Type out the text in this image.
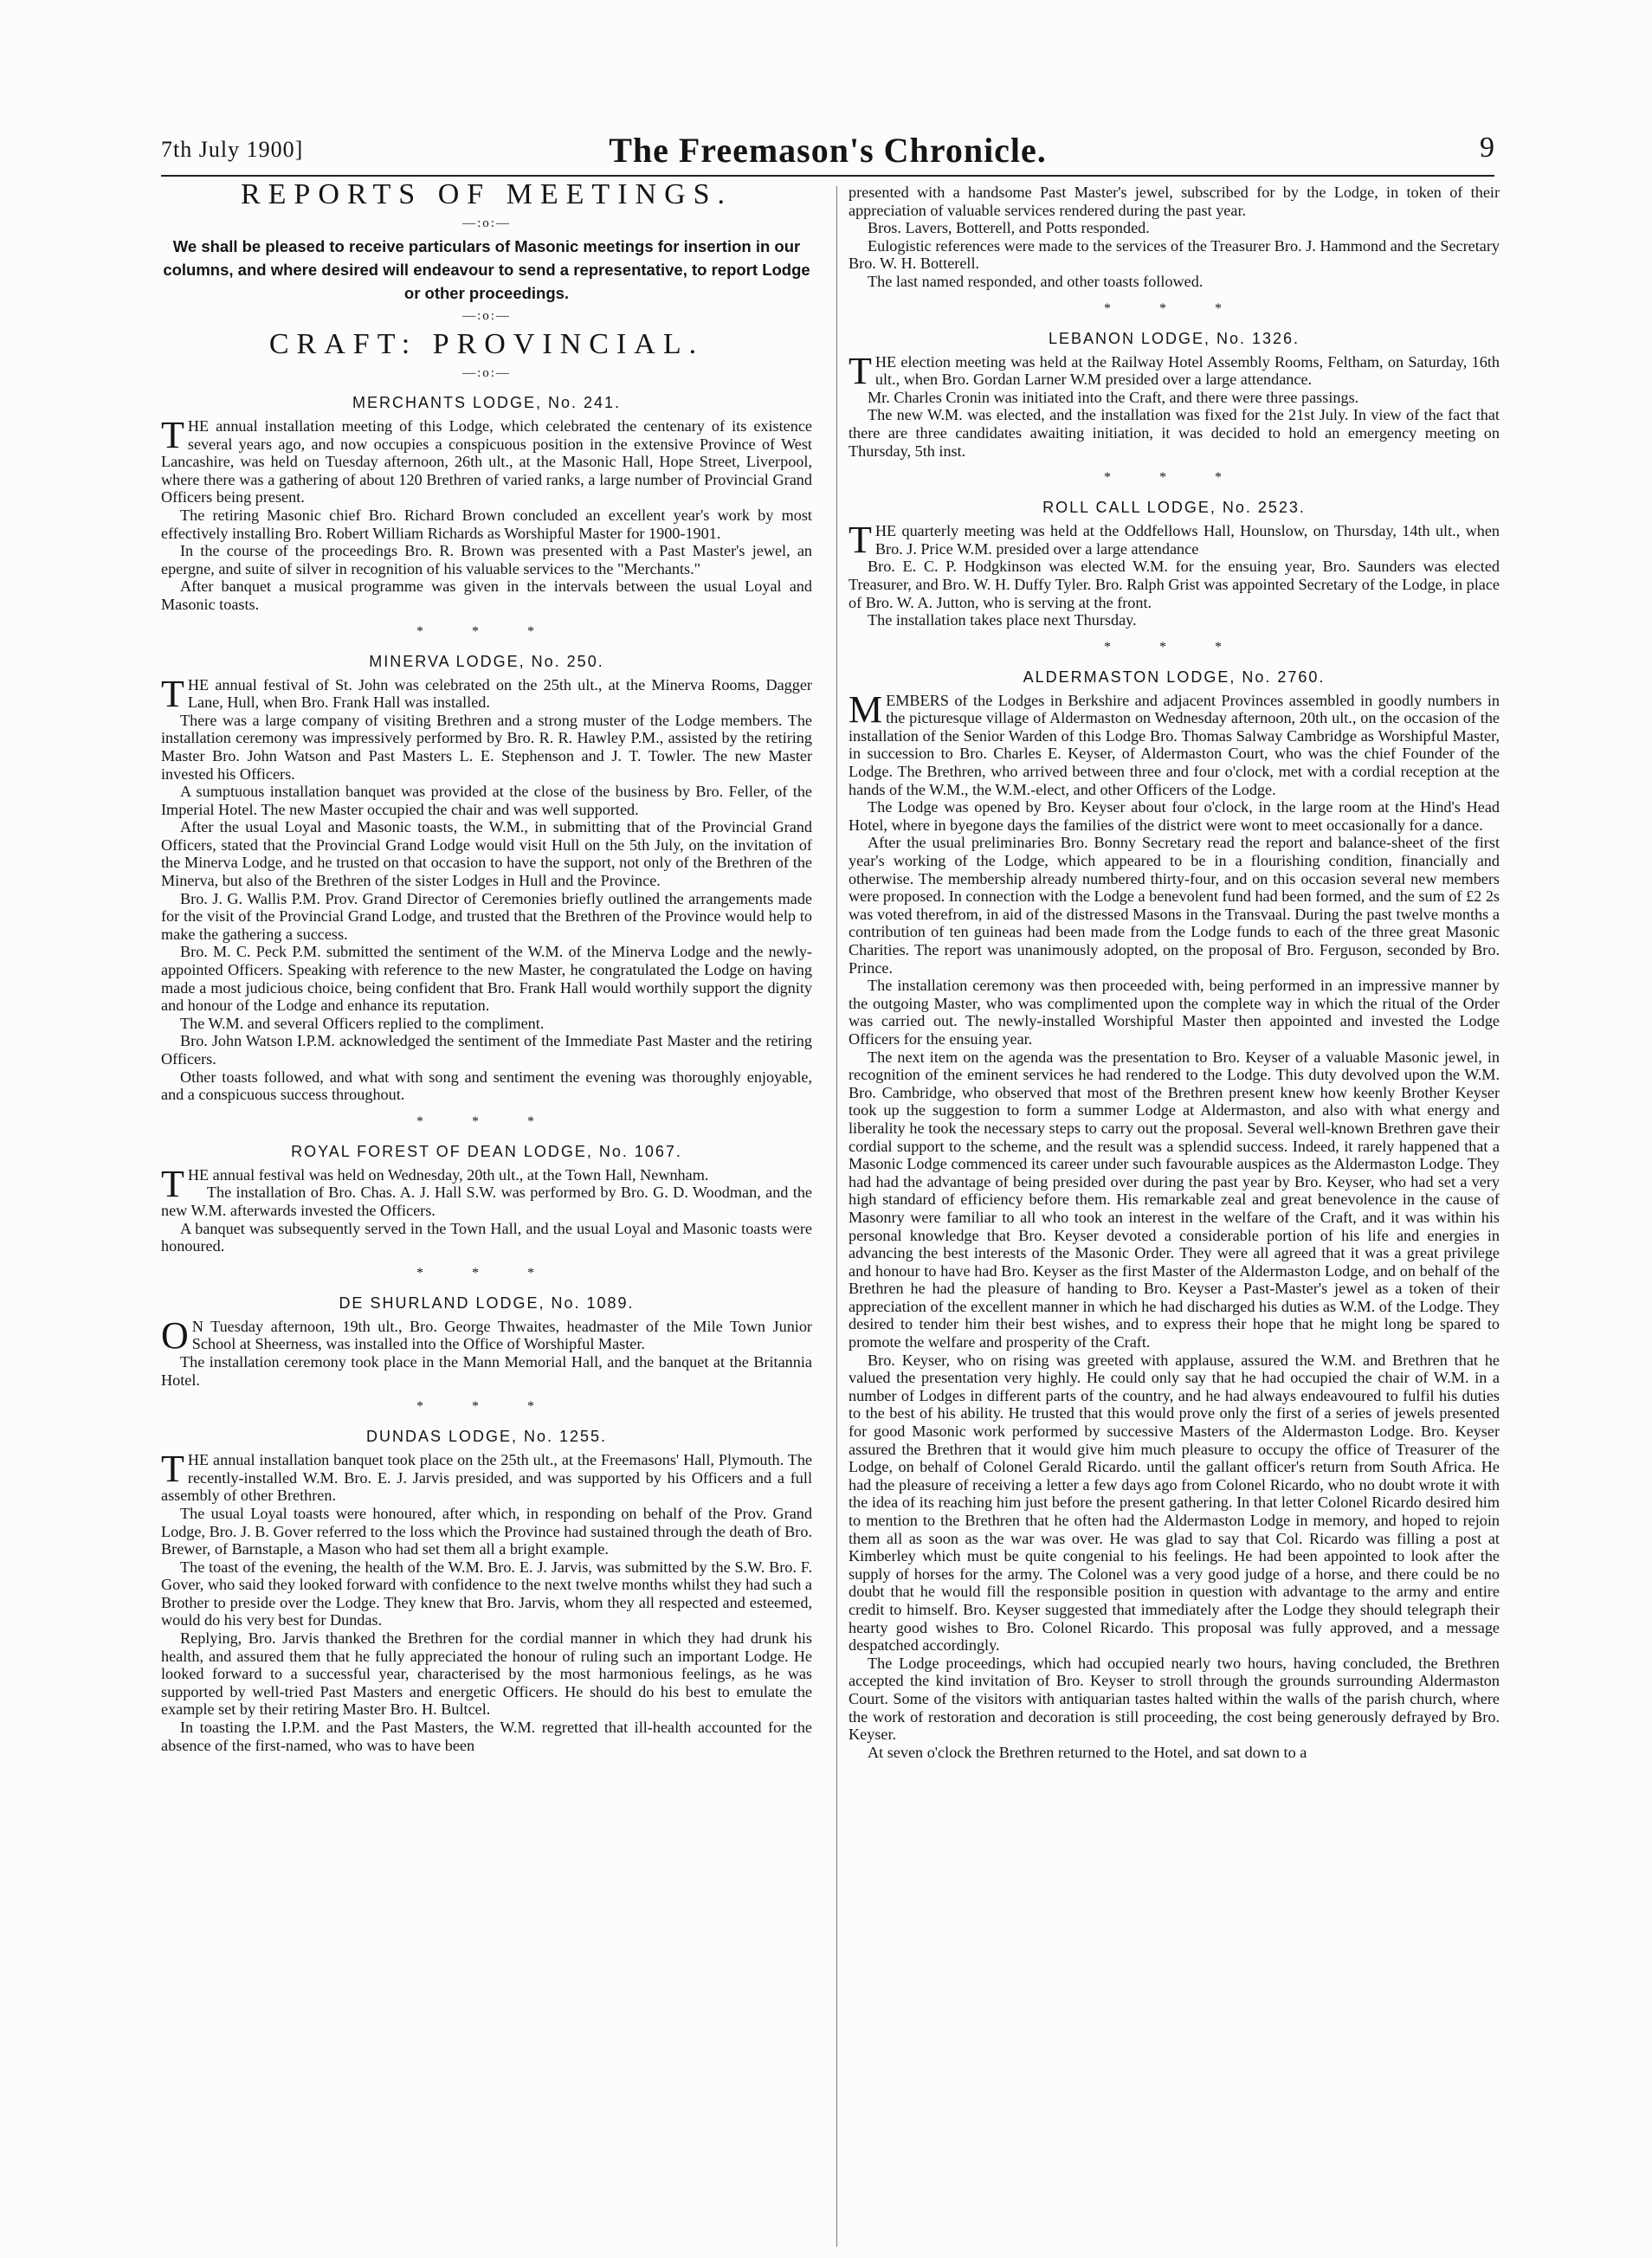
7th July 1900]	The Freemason's Chronicle.	9
REPORTS OF MEETINGS.
—:o:—
We shall be pleased to receive particulars of Masonic meetings for insertion in our columns, and where desired will endeavour to send a representative, to report Lodge or other proceedings.
—:o:—
CRAFT: PROVINCIAL.
—:o:—
MERCHANTS LODGE, No. 241.

THE annual installation meeting of this Lodge, which celebrated the centenary of its existence several years ago, and now occupies a conspicuous position in the extensive Province of West Lancashire, was held on Tuesday afternoon, 26th ult., at the Masonic Hall, Hope Street, Liverpool, where there was a gathering of about 120 Brethren of varied ranks, a large number of Provincial Grand Officers being present.

The retiring Masonic chief Bro. Richard Brown concluded an excellent year's work by most effectively installing Bro. Robert William Richards as Worshipful Master for 1900-1901.

In the course of the proceedings Bro. R. Brown was presented with a Past Master's jewel, an epergne, and suite of silver in recognition of his valuable services to the "Merchants."

After banquet a musical programme was given in the intervals between the usual Loyal and Masonic toasts.

* * *
MINERVA LODGE, No. 250.

THE annual festival of St. John was celebrated on the 25th ult., at the Minerva Rooms, Dagger Lane, Hull, when Bro. Frank Hall was installed.

There was a large company of visiting Brethren and a strong muster of the Lodge members. The installation ceremony was impressively performed by Bro. R. R. Hawley P.M., assisted by the retiring Master Bro. John Watson and Past Masters L. E. Stephenson and J. T. Towler. The new Master invested his Officers.

A sumptuous installation banquet was provided at the close of the business by Bro. Feller, of the Imperial Hotel. The new Master occupied the chair and was well supported.

After the usual Loyal and Masonic toasts, the W.M., in submitting that of the Provincial Grand Officers, stated that the Provincial Grand Lodge would visit Hull on the 5th July, on the invitation of the Minerva Lodge, and he trusted on that occasion to have the support, not only of the Brethren of the Minerva, but also of the Brethren of the sister Lodges in Hull and the Province.

Bro. J. G. Wallis P.M. Prov. Grand Director of Ceremonies briefly outlined the arrangements made for the visit of the Provincial Grand Lodge, and trusted that the Brethren of the Province would help to make the gathering a success.

Bro. M. C. Peck P.M. submitted the sentiment of the W.M. of the Minerva Lodge and the newly-appointed Officers. Speaking with reference to the new Master, he congratulated the Lodge on having made a most judicious choice, being confident that Bro. Frank Hall would worthily support the dignity and honour of the Lodge and enhance its reputation.

The W.M. and several Officers replied to the compliment.

Bro. John Watson I.P.M. acknowledged the sentiment of the Immediate Past Master and the retiring Officers.

Other toasts followed, and what with song and sentiment the evening was thoroughly enjoyable, and a conspicuous success throughout.

* * *
ROYAL FOREST OF DEAN LODGE, No. 1067.

THE annual festival was held on Wednesday, 20th ult., at the Town Hall, Newnham.

The installation of Bro. Chas. A. J. Hall S.W. was performed by Bro. G. D. Woodman, and the new W.M. afterwards invested the Officers.

A banquet was subsequently served in the Town Hall, and the usual Loyal and Masonic toasts were honoured.

* * *
DE SHURLAND LODGE, No. 1089.

O N Tuesday afternoon, 19th ult., Bro. George Thwaites, headmaster of the Mile Town Junior School at Sheerness, was installed into the Office of Worshipful Master.

The installation ceremony took place in the Mann Memorial Hall, and the banquet at the Britannia Hotel.

* * *
DUNDAS LODGE, No. 1255.

THE annual installation banquet took place on the 25th ult., at the Freemasons' Hall, Plymouth. The recently-installed W.M. Bro. E. J. Jarvis presided, and was supported by his Officers and a full assembly of other Brethren.

The usual Loyal toasts were honoured, after which, in responding on behalf of the Prov. Grand Lodge, Bro. J. B. Gover referred to the loss which the Province had sustained through the death of Bro. Brewer, of Barnstaple, a Mason who had set them all a bright example.

The toast of the evening, the health of the W.M. Bro. E. J. Jarvis, was submitted by the S.W. Bro. F. Gover, who said they looked forward with confidence to the next twelve months whilst they had such a Brother to preside over the Lodge. They knew that Bro. Jarvis, whom they all respected and esteemed, would do his very best for Dundas.

Replying, Bro. Jarvis thanked the Brethren for the cordial manner in which they had drunk his health, and assured them that he fully appreciated the honour of ruling such an important Lodge. He looked forward to a successful year, characterised by the most harmonious feelings, as he was supported by well-tried Past Masters and energetic Officers. He should do his best to emulate the example set by their retiring Master Bro. H. Bultcel.

In toasting the I.P.M. and the Past Masters, the W.M. regretted that ill-health accounted for the absence of the first-named, who was to have been

presented with a handsome Past Master's jewel, subscribed for by the Lodge, in token of their appreciation of valuable services rendered during the past year.

Bros. Lavers, Botterell, and Potts responded.

Eulogistic references were made to the services of the Treasurer Bro. J. Hammond and the Secretary Bro. W. H. Botterell.

The last named responded, and other toasts followed.

* * *
LEBANON LODGE, No. 1326.

THE election meeting was held at the Railway Hotel Assembly Rooms, Feltham, on Saturday, 16th ult., when Bro. Gordan Larner W.M presided over a large attendance.

Mr. Charles Cronin was initiated into the Craft, and there were three passings.

The new W.M. was elected, and the installation was fixed for the 21st July. In view of the fact that there are three candidates awaiting initiation, it was decided to hold an emergency meeting on Thursday, 5th inst.

* * *
ROLL CALL LODGE, No. 2523.

THE quarterly meeting was held at the Oddfellows Hall, Hounslow, on Thursday, 14th ult., when Bro. J. Price W.M. presided over a large attendance

Bro. E. C. P. Hodgkinson was elected W.M. for the ensuing year, Bro. Saunders was elected Treasurer, and Bro. W. H. Duffy Tyler. Bro. Ralph Grist was appointed Secretary of the Lodge, in place of Bro. W. A. Jutton, who is serving at the front.

The installation takes place next Thursday.

* * *
ALDERMASTON LODGE, No. 2760.

MEMBERS of the Lodges in Berkshire and adjacent Provinces assembled in goodly numbers in the picturesque village of Aldermaston on Wednesday afternoon, 20th ult., on the occasion of the installation of the Senior Warden of this Lodge Bro. Thomas Salway Cambridge as Worshipful Master, in succession to Bro. Charles E. Keyser, of Aldermaston Court, who was the chief Founder of the Lodge. The Brethren, who arrived between three and four o'clock, met with a cordial reception at the hands of the W.M., the W.M.-elect, and other Officers of the Lodge.

The Lodge was opened by Bro. Keyser about four o'clock, in the large room at the Hind's Head Hotel, where in byegone days the families of the district were wont to meet occasionally for a dance.

After the usual preliminaries Bro. Bonny Secretary read the report and balance-sheet of the first year's working of the Lodge, which appeared to be in a flourishing condition, financially and otherwise. The membership already numbered thirty-four, and on this occasion several new members were proposed. In connection with the Lodge a benevolent fund had been formed, and the sum of £2 2s was voted therefrom, in aid of the distressed Masons in the Transvaal. During the past twelve months a contribution of ten guineas had been made from the Lodge funds to each of the three great Masonic Charities. The report was unanimously adopted, on the proposal of Bro. Ferguson, seconded by Bro. Prince.

The installation ceremony was then proceeded with, being performed in an impressive manner by the outgoing Master, who was complimented upon the complete way in which the ritual of the Order was carried out. The newly-installed Worshipful Master then appointed and invested the Lodge Officers for the ensuing year.

The next item on the agenda was the presentation to Bro. Keyser of a valuable Masonic jewel, in recognition of the eminent services he had rendered to the Lodge. This duty devolved upon the W.M. Bro. Cambridge, who observed that most of the Brethren present knew how keenly Brother Keyser took up the suggestion to form a summer Lodge at Aldermaston, and also with what energy and liberality he took the necessary steps to carry out the proposal. Several well-known Brethren gave their cordial support to the scheme, and the result was a splendid success. Indeed, it rarely happened that a Masonic Lodge commenced its career under such favourable auspices as the Aldermaston Lodge. They had had the advantage of being presided over during the past year by Bro. Keyser, who had set a very high standard of efficiency before them. His remarkable zeal and great benevolence in the cause of Masonry were familiar to all who took an interest in the welfare of the Craft, and it was within his personal knowledge that Bro. Keyser devoted a considerable portion of his life and energies in advancing the best interests of the Masonic Order. They were all agreed that it was a great privilege and honour to have had Bro. Keyser as the first Master of the Aldermaston Lodge, and on behalf of the Brethren he had the pleasure of handing to Bro. Keyser a Past-Master's jewel as a token of their appreciation of the excellent manner in which he had discharged his duties as W.M. of the Lodge. They desired to tender him their best wishes, and to express their hope that he might long be spared to promote the welfare and prosperity of the Craft.

Bro. Keyser, who on rising was greeted with applause, assured the W.M. and Brethren that he valued the presentation very highly. He could only say that he had occupied the chair of W.M. in a number of Lodges in different parts of the country, and he had always endeavoured to fulfil his duties to the best of his ability. He trusted that this would prove only the first of a series of jewels presented for good Masonic work performed by successive Masters of the Aldermaston Lodge. Bro. Keyser assured the Brethren that it would give him much pleasure to occupy the office of Treasurer of the Lodge, on behalf of Colonel Gerald Ricardo. until the gallant officer's return from South Africa. He had the pleasure of receiving a letter a few days ago from Colonel Ricardo, who no doubt wrote it with the idea of its reaching him just before the present gathering. In that letter Colonel Ricardo desired him to mention to the Brethren that he often had the Aldermaston Lodge in memory, and hoped to rejoin them all as soon as the war was over. He was glad to say that Col. Ricardo was filling a post at Kimberley which must be quite congenial to his feelings. He had been appointed to look after the supply of horses for the army. The Colonel was a very good judge of a horse, and there could be no doubt that he would fill the responsible position in question with advantage to the army and entire credit to himself. Bro. Keyser suggested that immediately after the Lodge they should telegraph their hearty good wishes to Bro. Colonel Ricardo. This proposal was fully approved, and a message despatched accordingly.

The Lodge proceedings, which had occupied nearly two hours, having concluded, the Brethren accepted the kind invitation of Bro. Keyser to stroll through the grounds surrounding Aldermaston Court. Some of the visitors with antiquarian tastes halted within the walls of the parish church, where the work of restoration and decoration is still proceeding, the cost being generously defrayed by Bro. Keyser.

At seven o'clock the Brethren returned to the Hotel, and sat down to a
